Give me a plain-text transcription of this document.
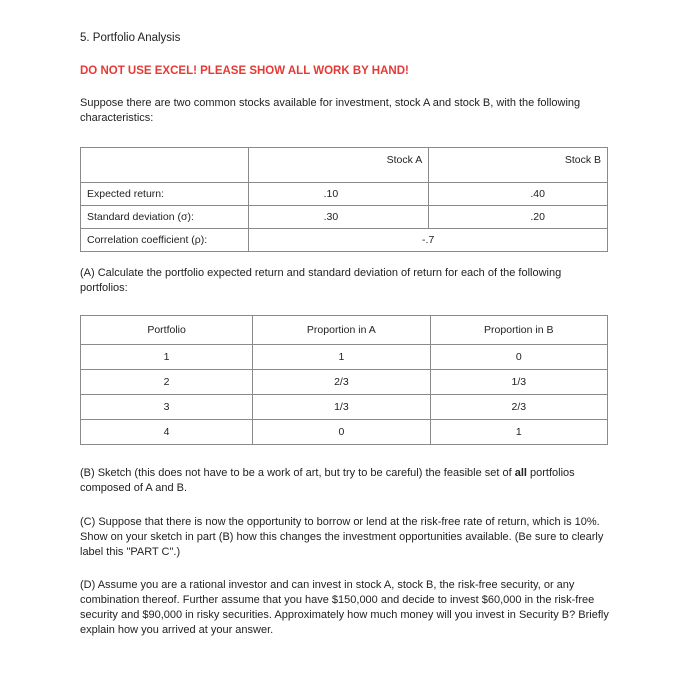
5. Portfolio Analysis
DO NOT USE EXCEL! PLEASE SHOW ALL WORK BY HAND!
Suppose there are two common stocks available for investment, stock A and stock B, with the following characteristics:
	Stock A	Stock B
Expected return:	.10	.40
Standard deviation (σ):	.30	.20
Correlation coefficient (ρ):	-.7	
(A) Calculate the portfolio expected return and standard deviation of return for each of the following portfolios:
Portfolio	Proportion in A	Proportion in B
1	1	0
2	2/3	1/3
3	1/3	2/3
4	0	1
(B) Sketch (this does not have to be a work of art, but try to be careful) the feasible set of all portfolios composed of A and B.
(C) Suppose that there is now the opportunity to borrow or lend at the risk-free rate of return, which is 10%. Show on your sketch in part (B) how this changes the investment opportunities available. (Be sure to clearly label this "PART C".)
(D) Assume you are a rational investor and can invest in stock A, stock B, the risk-free security, or any combination thereof. Further assume that you have $150,000 and decide to invest $60,000 in the risk-free security and $90,000 in risky securities. Approximately how much money will you invest in Security B? Briefly explain how you arrived at your answer.
